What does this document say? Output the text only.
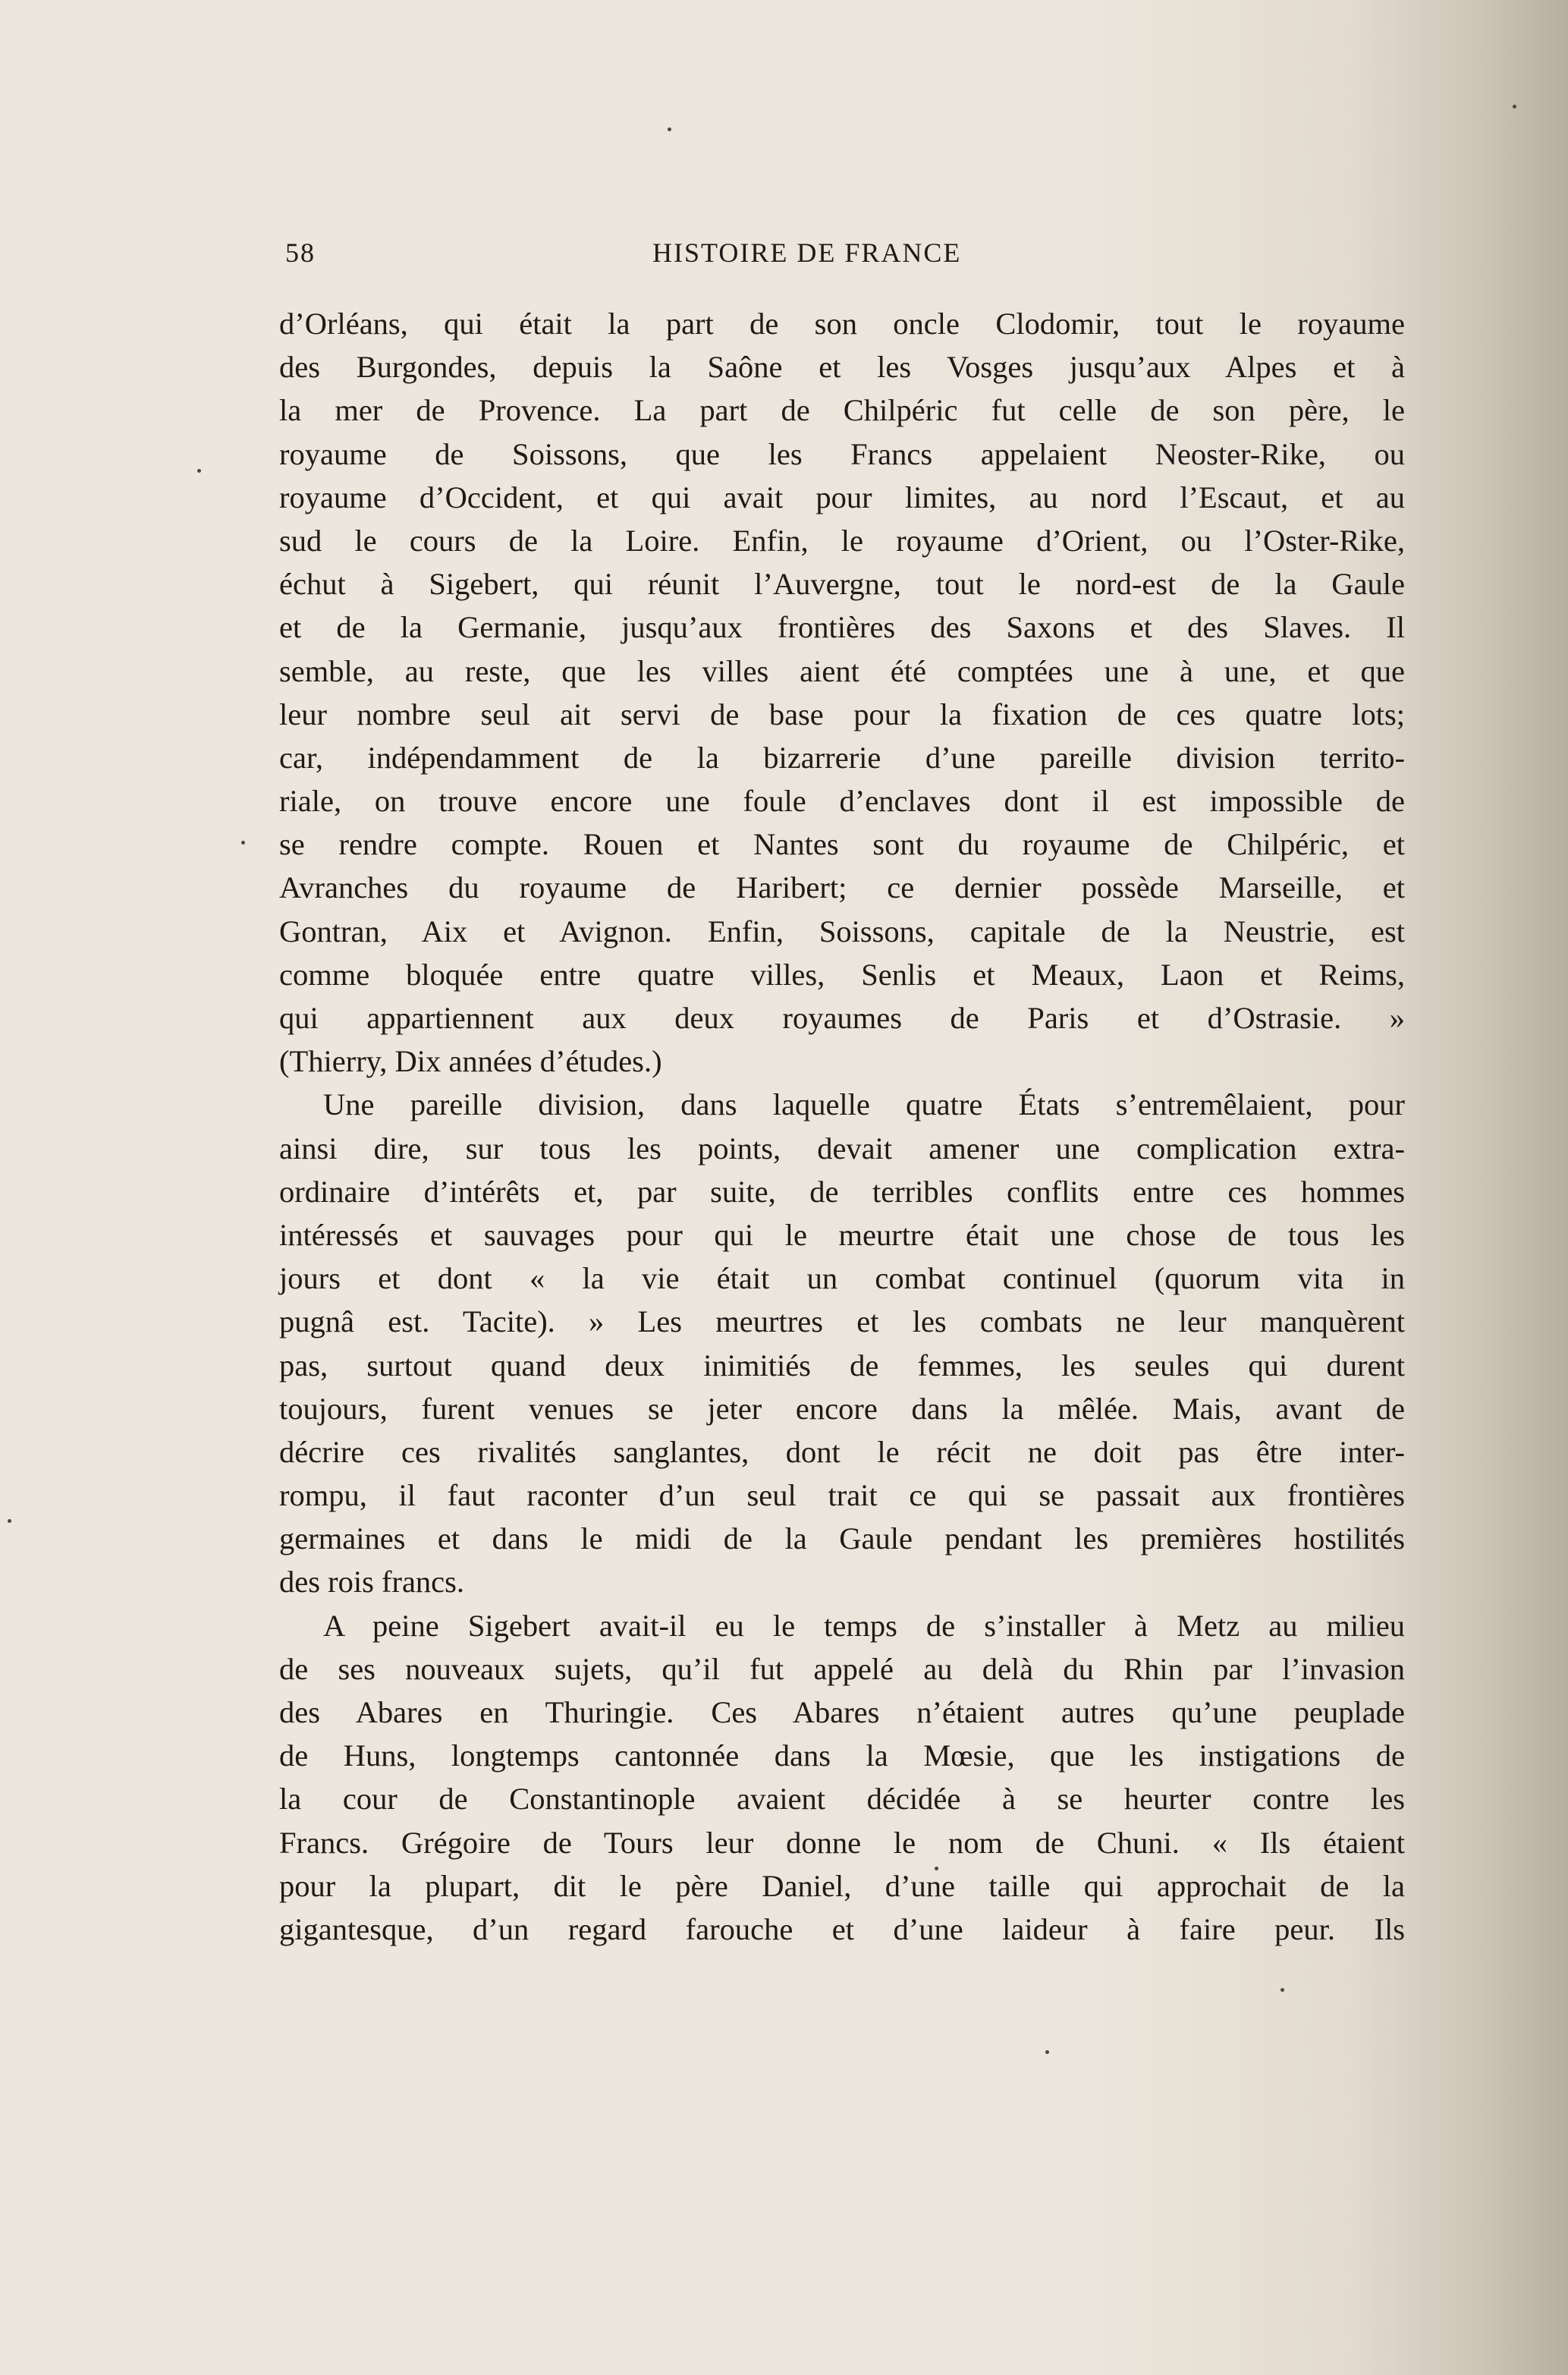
58	HISTOIRE DE FRANCE
d’Orléans, qui était la part de son oncle Clodomir, tout le royaume
des Burgondes, depuis la Saône et les Vosges jusqu’aux Alpes et à
la mer de Provence. La part de Chilpéric fut celle de son père, le
royaume de Soissons, que les Francs appelaient Neoster-Rike, ou
royaume d’Occident, et qui avait pour limites, au nord l’Escaut, et au
sud le cours de la Loire. Enfin, le royaume d’Orient, ou l’Oster-Rike,
échut à Sigebert, qui réunit l’Auvergne, tout le nord-est de la Gaule
et de la Germanie, jusqu’aux frontières des Saxons et des Slaves. Il
semble, au reste, que les villes aient été comptées une à une, et que
leur nombre seul ait servi de base pour la fixation de ces quatre lots;
car, indépendamment de la bizarrerie d’une pareille division territo-
riale, on trouve encore une foule d’enclaves dont il est impossible de
se rendre compte. Rouen et Nantes sont du royaume de Chilpéric, et
Avranches du royaume de Haribert; ce dernier possède Marseille, et
Gontran, Aix et Avignon. Enfin, Soissons, capitale de la Neustrie, est
comme bloquée entre quatre villes, Senlis et Meaux, Laon et Reims,
qui appartiennent aux deux royaumes de Paris et d’Ostrasie. »
(Thierry, Dix années d’études.)
Une pareille division, dans laquelle quatre États s’entremêlaient, pour
ainsi dire, sur tous les points, devait amener une complication extra-
ordinaire d’intérêts et, par suite, de terribles conflits entre ces hommes
intéressés et sauvages pour qui le meurtre était une chose de tous les
jours et dont « la vie était un combat continuel (quorum vita in
pugnâ est. Tacite). » Les meurtres et les combats ne leur manquèrent
pas, surtout quand deux inimitiés de femmes, les seules qui durent
toujours, furent venues se jeter encore dans la mêlée. Mais, avant de
décrire ces rivalités sanglantes, dont le récit ne doit pas être inter-
rompu, il faut raconter d’un seul trait ce qui se passait aux frontières
germaines et dans le midi de la Gaule pendant les premières hostilités
des rois francs.
A peine Sigebert avait-il eu le temps de s’installer à Metz au milieu
de ses nouveaux sujets, qu’il fut appelé au delà du Rhin par l’invasion
des Abares en Thuringie. Ces Abares n’étaient autres qu’une peuplade
de Huns, longtemps cantonnée dans la Mœsie, que les instigations de
la cour de Constantinople avaient décidée à se heurter contre les
Francs. Grégoire de Tours leur donne le nom de Chuni. « Ils étaient
pour la plupart, dit le père Daniel, d’une taille qui approchait de la
gigantesque, d’un regard farouche et d’une laideur à faire peur. Ils
